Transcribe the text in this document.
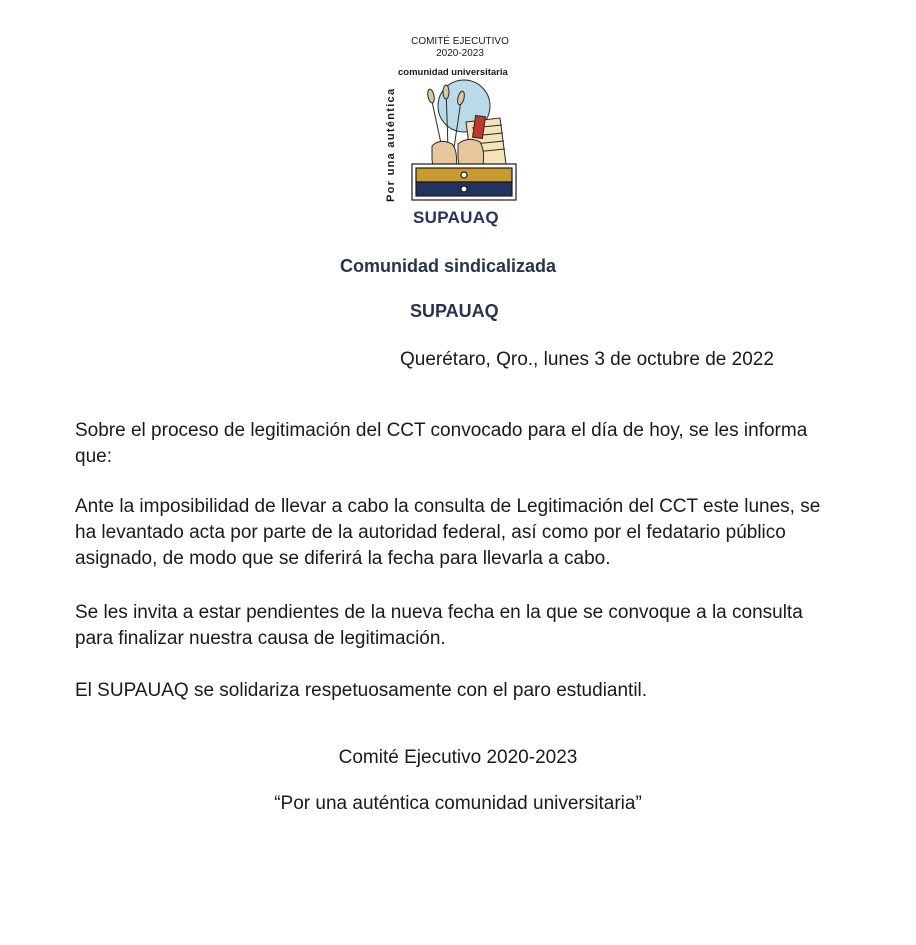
COMITÉ EJECUTIVO
2020-2023
comunidad universitaria
Por una auténtica
SUPAUAQ
Comunidad sindicalizada
SUPAUAQ
Querétaro, Qro., lunes 3 de octubre de 2022

Sobre el proceso de legitimación del CCT convocado para el día de hoy, se les informa que:

Ante la imposibilidad de llevar a cabo la consulta de Legitimación del CCT este lunes, se ha levantado acta por parte de la autoridad federal, así como por el fedatario público asignado, de modo que se diferirá la fecha para llevarla a cabo.

Se les invita a estar pendientes de la nueva fecha en la que se convoque a la consulta para finalizar nuestra causa de legitimación.

El SUPAUAQ se solidariza respetuosamente con el paro estudiantil.

Comité Ejecutivo 2020-2023
“Por una auténtica comunidad universitaria”
